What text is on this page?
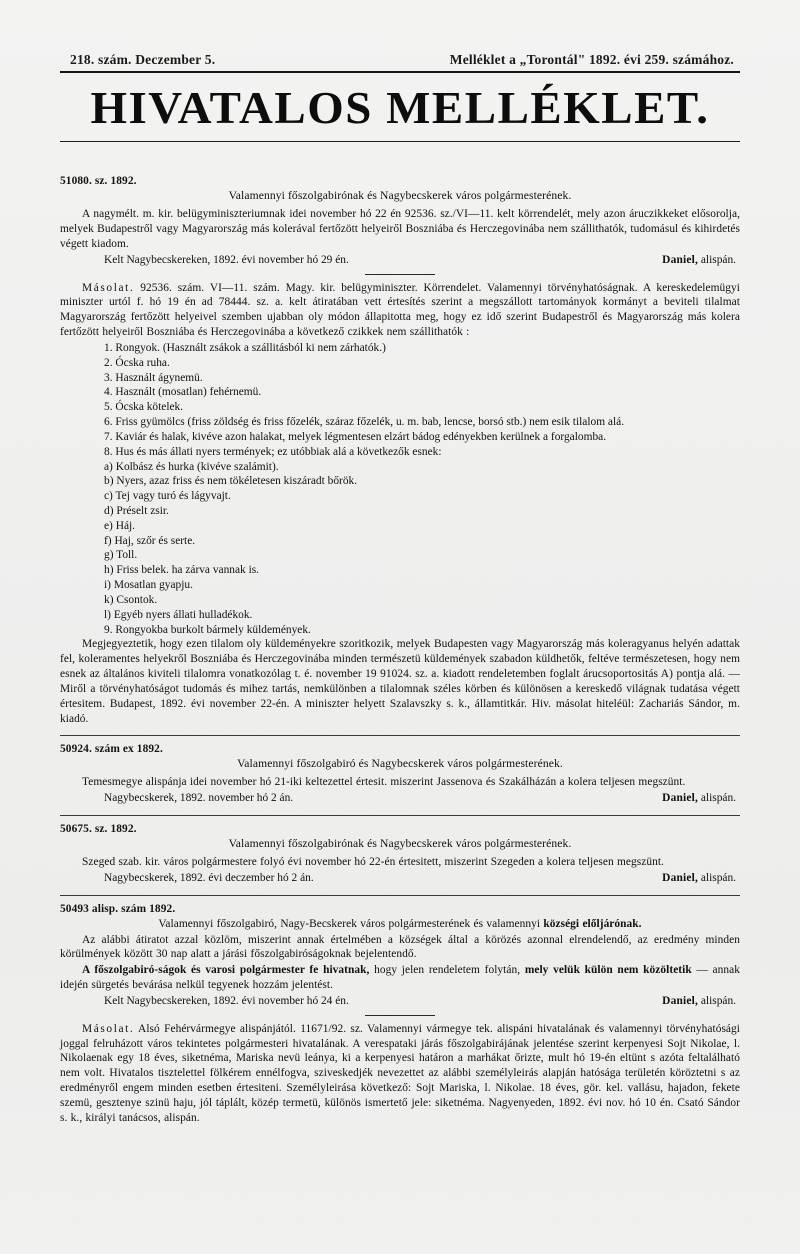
218. szám. Deczember 5.	Melléklet a „Torontál" 1892. évi 259. számához.
HIVATALOS MELLÉKLET.
51080. sz. 1892.
Valamennyi főszolgabirónak és Nagybecskerek város polgármesterének.

A nagymélt. m. kir. belügyminiszteriumnak idei november hó 22 én 92536. sz./VI—11. kelt körrendelét, mely azon áruczikkeket elősorolja, melyek Budapestről vagy Magyarország más kolerával fertőzött helyeiről Boszniába és Herczegovinába nem szállithatók, tudomásul és kihirdetés végett kiadom.

Kelt Nagybecskereken, 1892. évi november hó 29 én.	Daniel, alispán.

Másolat. 92536. szám. VI—11. szám. Magy. kir. belügyminiszter. Körrendelet. Valamennyi törvényhatóságnak. A kereskedelemügyi miniszter urtól f. hó 19 én ad 78444. sz. a. kelt átiratában vett értesítés szerint a megszállott tartományok kormányt a beviteli tilalmat Magyarország fertőzött helyeivel szemben ujabban oly módon állapitotta meg, hogy ez idő szerint Budapestről és Magyarország más kolera fertőzött helyeiről Boszniába és Herczegovinába a következő czikkek nem szállithatók :

1. Rongyok. (Használt zsákok a szállitásból ki nem zárhatók.)
2. Ócska ruha.
3. Használt ágynemü.
4. Használt (mosatlan) fehérnemü.
5. Ócska kötelek.
6. Friss gyümölcs (friss zöldség és friss főzelék, száraz főzelék, u. m. bab, lencse, borsó stb.) nem esik tilalom alá.
7. Kaviár és halak, kivéve azon halakat, melyek légmentesen elzárt bádog edényekben kerülnek a forgalomba.
8. Hus és más állati nyers termények; ez utóbbiak alá a következők esnek:
a) Kolbász és hurka (kivéve szalámit).
b) Nyers, azaz friss és nem tökéletesen kiszáradt bőrök.
c) Tej vagy turó és lágyvajt.
d) Préselt zsir.
e) Háj.
f) Haj, szőr és serte.
g) Toll.
h) Friss belek. ha zárva vannak is.
i) Mosatlan gyapju.
k) Csontok.
l) Egyéb nyers állati hulladékok.
9. Rongyokba burkolt bármely küldemények.

Megjegyeztetik, hogy ezen tilalom oly küldeményekre szoritkozik, melyek Budapesten vagy Magyarország más koleragyanus helyén adattak fel, koleramentes helyekről Boszniába és Herczegovinába minden természetü küldemények szabadon küldhetők, feltéve természetesen, hogy nem esnek az általános kiviteli tilalomra vonatkozólag t. é. november 19 91024. sz. a. kiadott rendeletemben foglalt árucsoportositás A) pontja alá. — Miről a törvényhatóságot tudomás és mihez tartás, nemkülönben a tilalomnak széles körben és különösen a kereskedő világnak tudatása végett értesitem. Budapest, 1892. évi november 22-én. A miniszter helyett Szalavszky s. k., államtitkár. Hiv. másolat hiteléül: Zachariás Sándor, m. kiadó.

50924. szám ex 1892.
Valamennyi főszolgabiró és Nagybecskerek város polgármesterének.

Temesmegye alispánja idei november hó 21-iki keltezettel értesit. miszerint Jassenova és Szakálházán a kolera teljesen megszünt.

Nagybecskerek, 1892. november hó 2 án.	Daniel, alispán.
50675. sz. 1892.
Valamennyi főszolgabirónak és Nagybecskerek város polgármesterének.

Szeged szab. kir. város polgármestere folyó évi november hó 22-én értesitett, miszerint Szegeden a kolera teljesen megszünt.

Nagybecskerek, 1892. évi deczember hó 2 án.	Daniel, alispán.
50493 alisp. szám 1892.

Valamennyi főszolgabiró, Nagy-Becskerek város polgármesterének és valamennyi községi előljárónak.

Az alábbi átiratot azzal közlöm, miszerint annak értelmében a községek által a körözés azonnal elrendelendő, az eredmény minden körülmények között 30 nap alatt a járási főszolgabiróságoknak bejelentendő.

A főszolgabiró-ságok és varosi polgármester fe hivatnak, hogy jelen rendeletem folytán, mely velük külön nem közöltetik — annak idején sürgetés bevárása nelkül tegyenek hozzám jelentést.

Kelt Nagybecskereken, 1892. évi november hó 24 én.	Daniel, alispán.

Másolat. Alsó Fehérvármegye alispánjától. 11671/92. sz. Valamennyi vármegye tek. alispáni hivatalának és valamennyi törvényhatósági joggal felruházott város tekintetes polgármesteri hivatalának. A verespataki járás főszolgabirájának jelentése szerint kerpenyesi Sojt Nikolae, l. Nikolaenak egy 18 éves, siketnéma, Mariska nevü leánya, ki a kerpenyesi határon a marhákat őrizte, mult hó 19-én eltünt s azóta feltalálható nem volt. Hivatalos tisztelettel fölkérem ennélfogva, sziveskedjék nevezettet az alábbi személyleirás alapján hatósága területén köröztetni s az eredményről engem minden esetben értesiteni. Személyleirása következő: Sojt Mariska, l. Nikolae. 18 éves, gör. kel. vallásu, hajadon, fekete szemü, gesztenye szinü haju, jól táplált, közép termetü, különös ismertető jele: siketnéma. Nagyenyeden, 1892. évi nov. hó 10 én. Csató Sándor s. k., királyi tanácsos, alispán.
